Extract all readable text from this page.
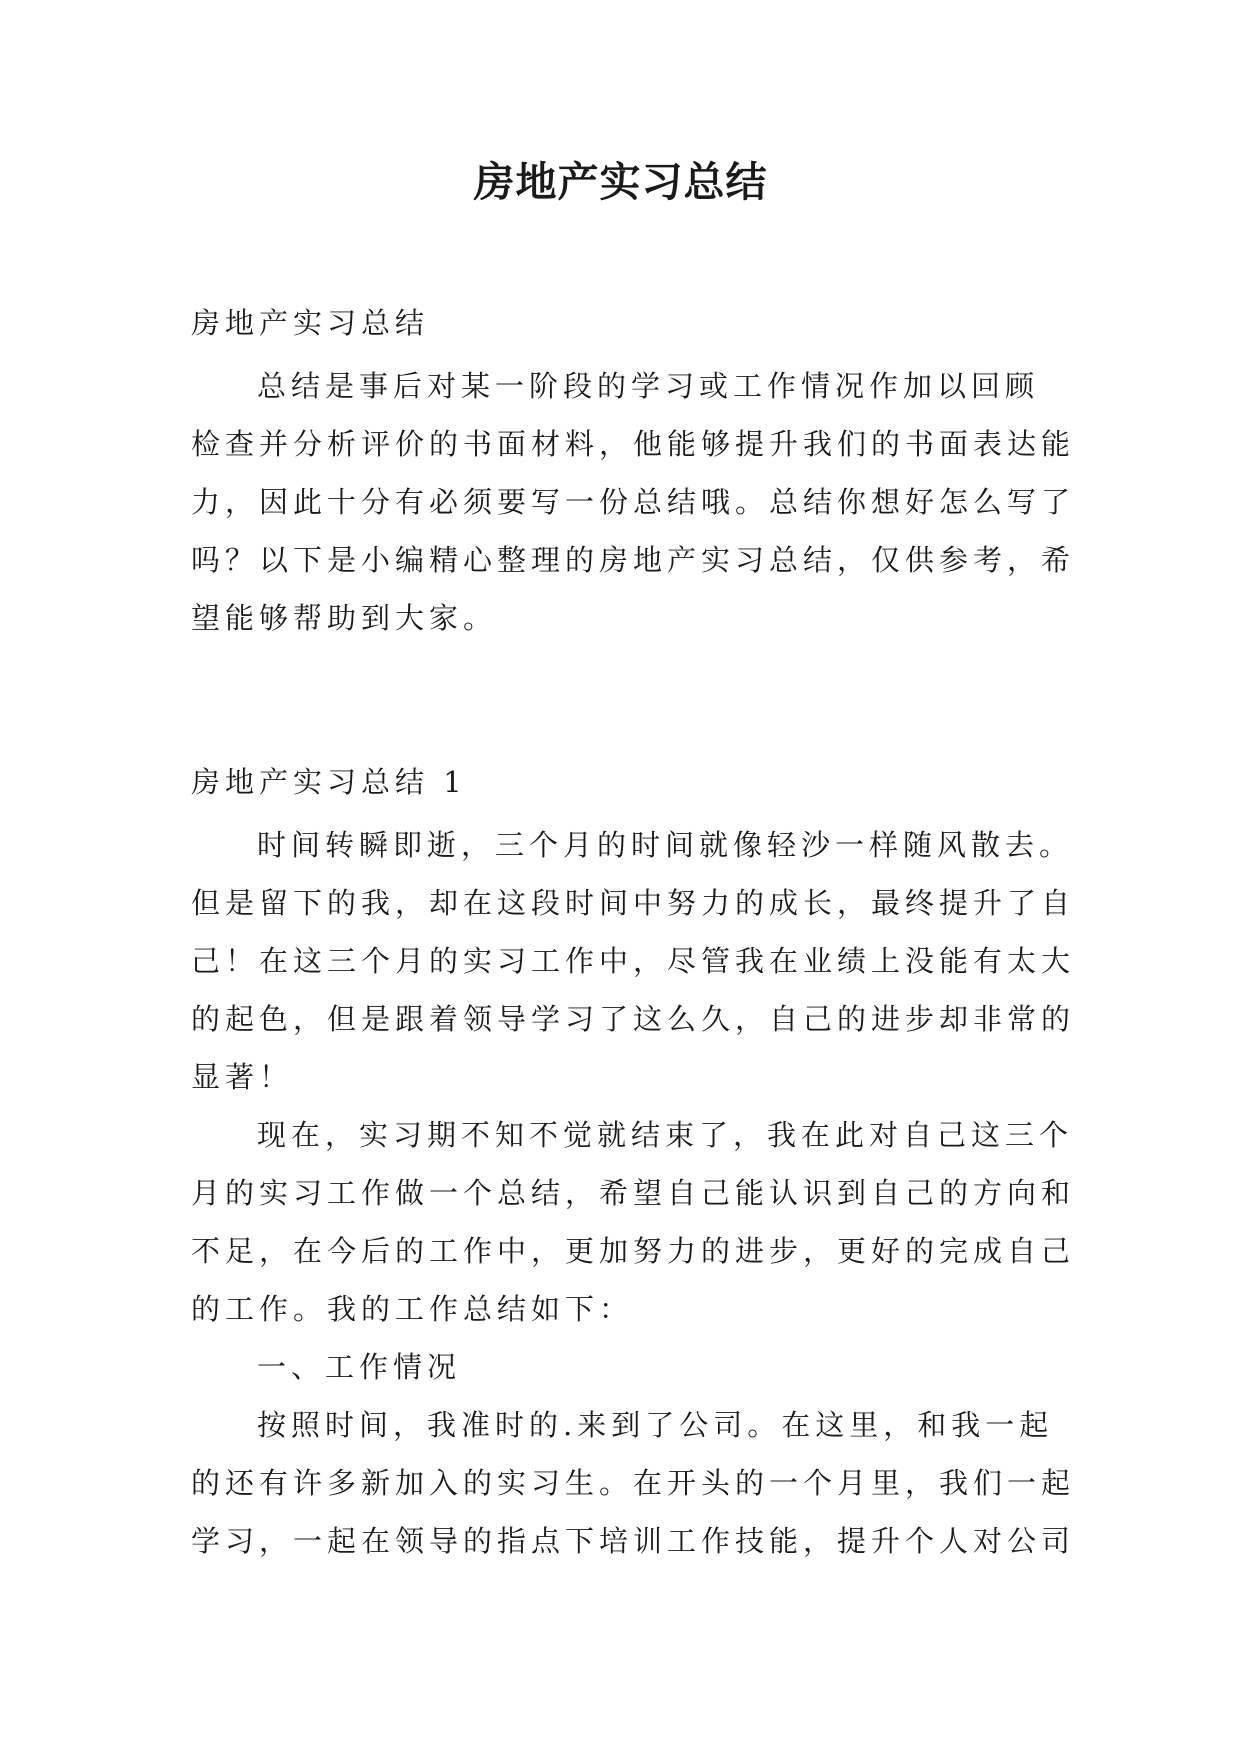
房地产实习总结
房地产实习总结
总结是事后对某一阶段的学习或工作情况作加以回顾
检查并分析评价的书面材料，他能够提升我们的书面表达能
力，因此十分有必须要写一份总结哦。总结你想好怎么写了
吗？以下是小编精心整理的房地产实习总结，仅供参考，希
望能够帮助到大家。
房地产实习总结 1
时间转瞬即逝，三个月的时间就像轻沙一样随风散去。
但是留下的我，却在这段时间中努力的成长，最终提升了自
己！在这三个月的实习工作中，尽管我在业绩上没能有太大
的起色，但是跟着领导学习了这么久，自己的进步却非常的
显著！
现在，实习期不知不觉就结束了，我在此对自己这三个
月的实习工作做一个总结，希望自己能认识到自己的方向和
不足，在今后的工作中，更加努力的进步，更好的完成自己
的工作。我的工作总结如下：
一、工作情况
按照时间，我准时的.来到了公司。在这里，和我一起
的还有许多新加入的实习生。在开头的一个月里，我们一起
学习，一起在领导的指点下培训工作技能，提升个人对公司
